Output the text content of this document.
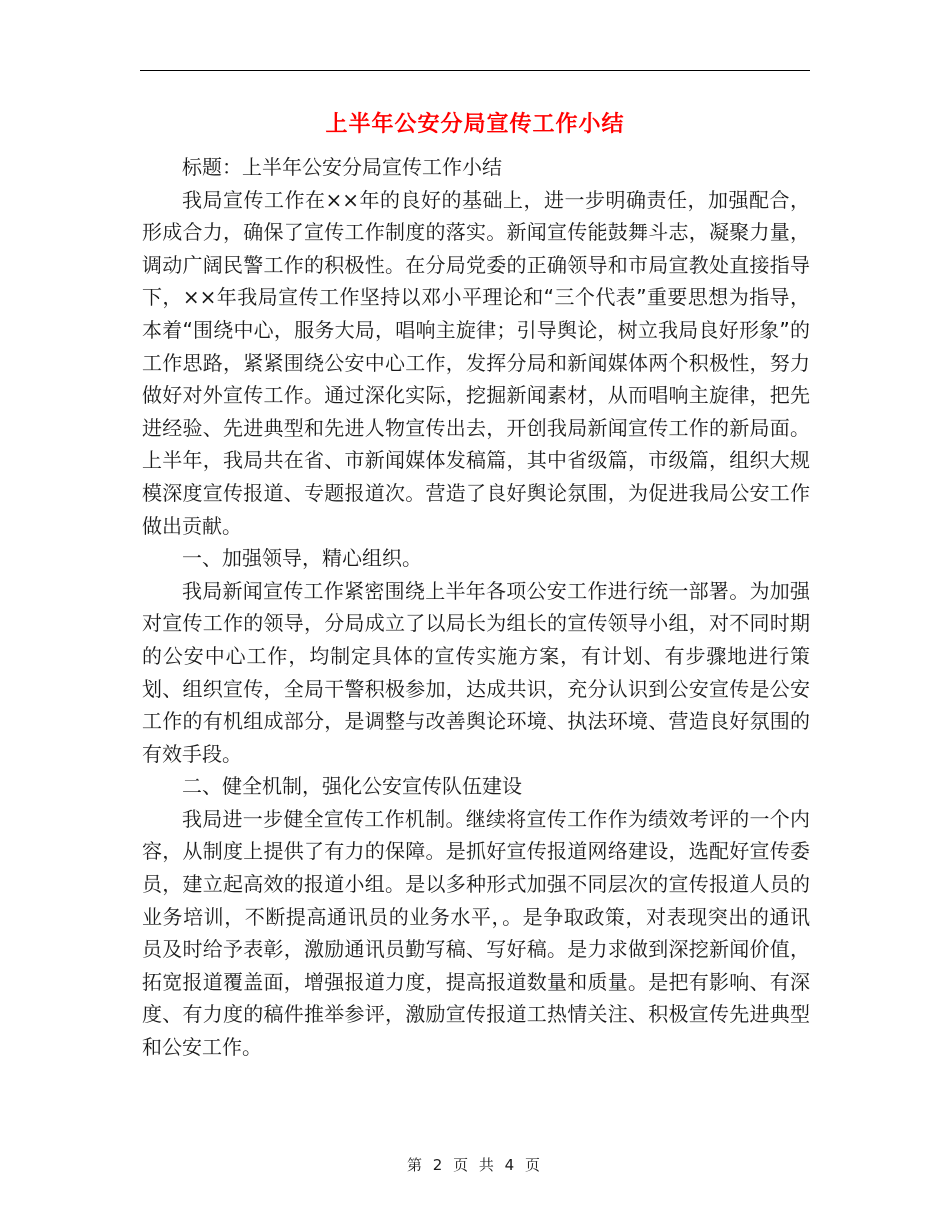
上半年公安分局宣传工作小结

标题：上半年公安分局宣传工作小结

我局宣传工作在××年的良好的基础上，进一步明确责任，加强配合，形成合力，确保了宣传工作制度的落实。新闻宣传能鼓舞斗志，凝聚力量，调动广阔民警工作的积极性。在分局党委的正确领导和市局宣教处直接指导下，××年我局宣传工作坚持以邓小平理论和“三个代表”重要思想为指导，本着“围绕中心，服务大局，唱响主旋律；引导舆论，树立我局良好形象”的工作思路，紧紧围绕公安中心工作，发挥分局和新闻媒体两个积极性，努力做好对外宣传工作。通过深化实际，挖掘新闻素材，从而唱响主旋律，把先进经验、先进典型和先进人物宣传出去，开创我局新闻宣传工作的新局面。上半年，我局共在省、市新闻媒体发稿篇，其中省级篇，市级篇，组织大规模深度宣传报道、专题报道次。营造了良好舆论氛围，为促进我局公安工作做出贡献。

一、加强领导，精心组织。

我局新闻宣传工作紧密围绕上半年各项公安工作进行统一部署。为加强对宣传工作的领导，分局成立了以局长为组长的宣传领导小组，对不同时期的公安中心工作，均制定具体的宣传实施方案，有计划、有步骤地进行策划、组织宣传，全局干警积极参加，达成共识，充分认识到公安宣传是公安工作的有机组成部分，是调整与改善舆论环境、执法环境、营造良好氛围的有效手段。

二、健全机制，强化公安宣传队伍建设

我局进一步健全宣传工作机制。继续将宣传工作作为绩效考评的一个内容，从制度上提供了有力的保障。是抓好宣传报道网络建设，选配好宣传委员，建立起高效的报道小组。是以多种形式加强不同层次的宣传报道人员的业务培训，不断提高通讯员的业务水平，。是争取政策，对表现突出的通讯员及时给予表彰，激励通讯员勤写稿、写好稿。是力求做到深挖新闻价值，拓宽报道覆盖面，增强报道力度，提高报道数量和质量。是把有影响、有深度、有力度的稿件推举参评，激励宣传报道工热情关注、积极宣传先进典型和公安工作。

第 2 页 共 4 页
